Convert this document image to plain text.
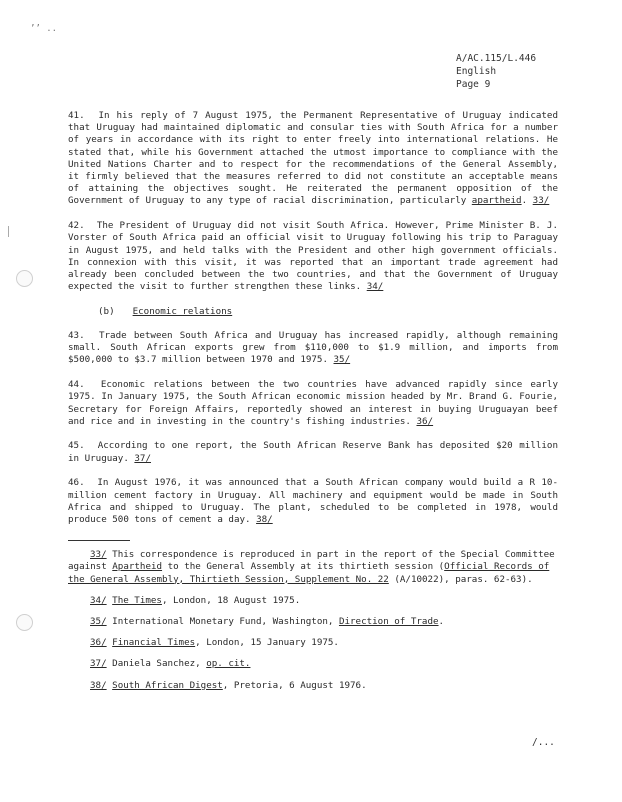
’’ ..
A/AC.115/L.446
English
Page 9

41. In his reply of 7 August 1975, the Permanent Representative of Uruguay indicated that Uruguay had maintained diplomatic and consular ties with South Africa for a number of years in accordance with its right to enter freely into international relations. He stated that, while his Government attached the utmost importance to compliance with the United Nations Charter and to respect for the recommendations of the General Assembly, it firmly believed that the measures referred to did not constitute an acceptable means of attaining the objectives sought. He reiterated the permanent opposition of the Government of Uruguay to any type of racial discrimination, particularly apartheid. 33/

42. The President of Uruguay did not visit South Africa. However, Prime Minister B. J. Vorster of South Africa paid an official visit to Uruguay following his trip to Paraguay in August 1975, and held talks with the President and other high government officials. In connexion with this visit, it was reported that an important trade agreement had already been concluded between the two countries, and that the Government of Uruguay expected the visit to further strengthen these links. 34/

(b) Economic relations

43. Trade between South Africa and Uruguay has increased rapidly, although remaining small. South African exports grew from $110,000 to $1.9 million, and imports from $500,000 to $3.7 million between 1970 and 1975. 35/

44. Economic relations between the two countries have advanced rapidly since early 1975. In January 1975, the South African economic mission headed by Mr. Brand G. Fourie, Secretary for Foreign Affairs, reportedly showed an interest in buying Uruguayan beef and rice and in investing in the country's fishing industries. 36/

45. According to one report, the South African Reserve Bank has deposited $20 million in Uruguay. 37/

46. In August 1976, it was announced that a South African company would build a R 10-million cement factory in Uruguay. All machinery and equipment would be made in South Africa and shipped to Uruguay. The plant, scheduled to be completed in 1978, would produce 500 tons of cement a day. 38/

33/ This correspondence is reproduced in part in the report of the Special Committee against Apartheid to the General Assembly at its thirtieth session (Official Records of the General Assembly, Thirtieth Session, Supplement No. 22 (A/10022), paras. 62-63).

34/ The Times, London, 18 August 1975.

35/ International Monetary Fund, Washington, Direction of Trade.

36/ Financial Times, London, 15 January 1975.

37/ Daniela Sanchez, op. cit.

38/ South African Digest, Pretoria, 6 August 1976.

/...
